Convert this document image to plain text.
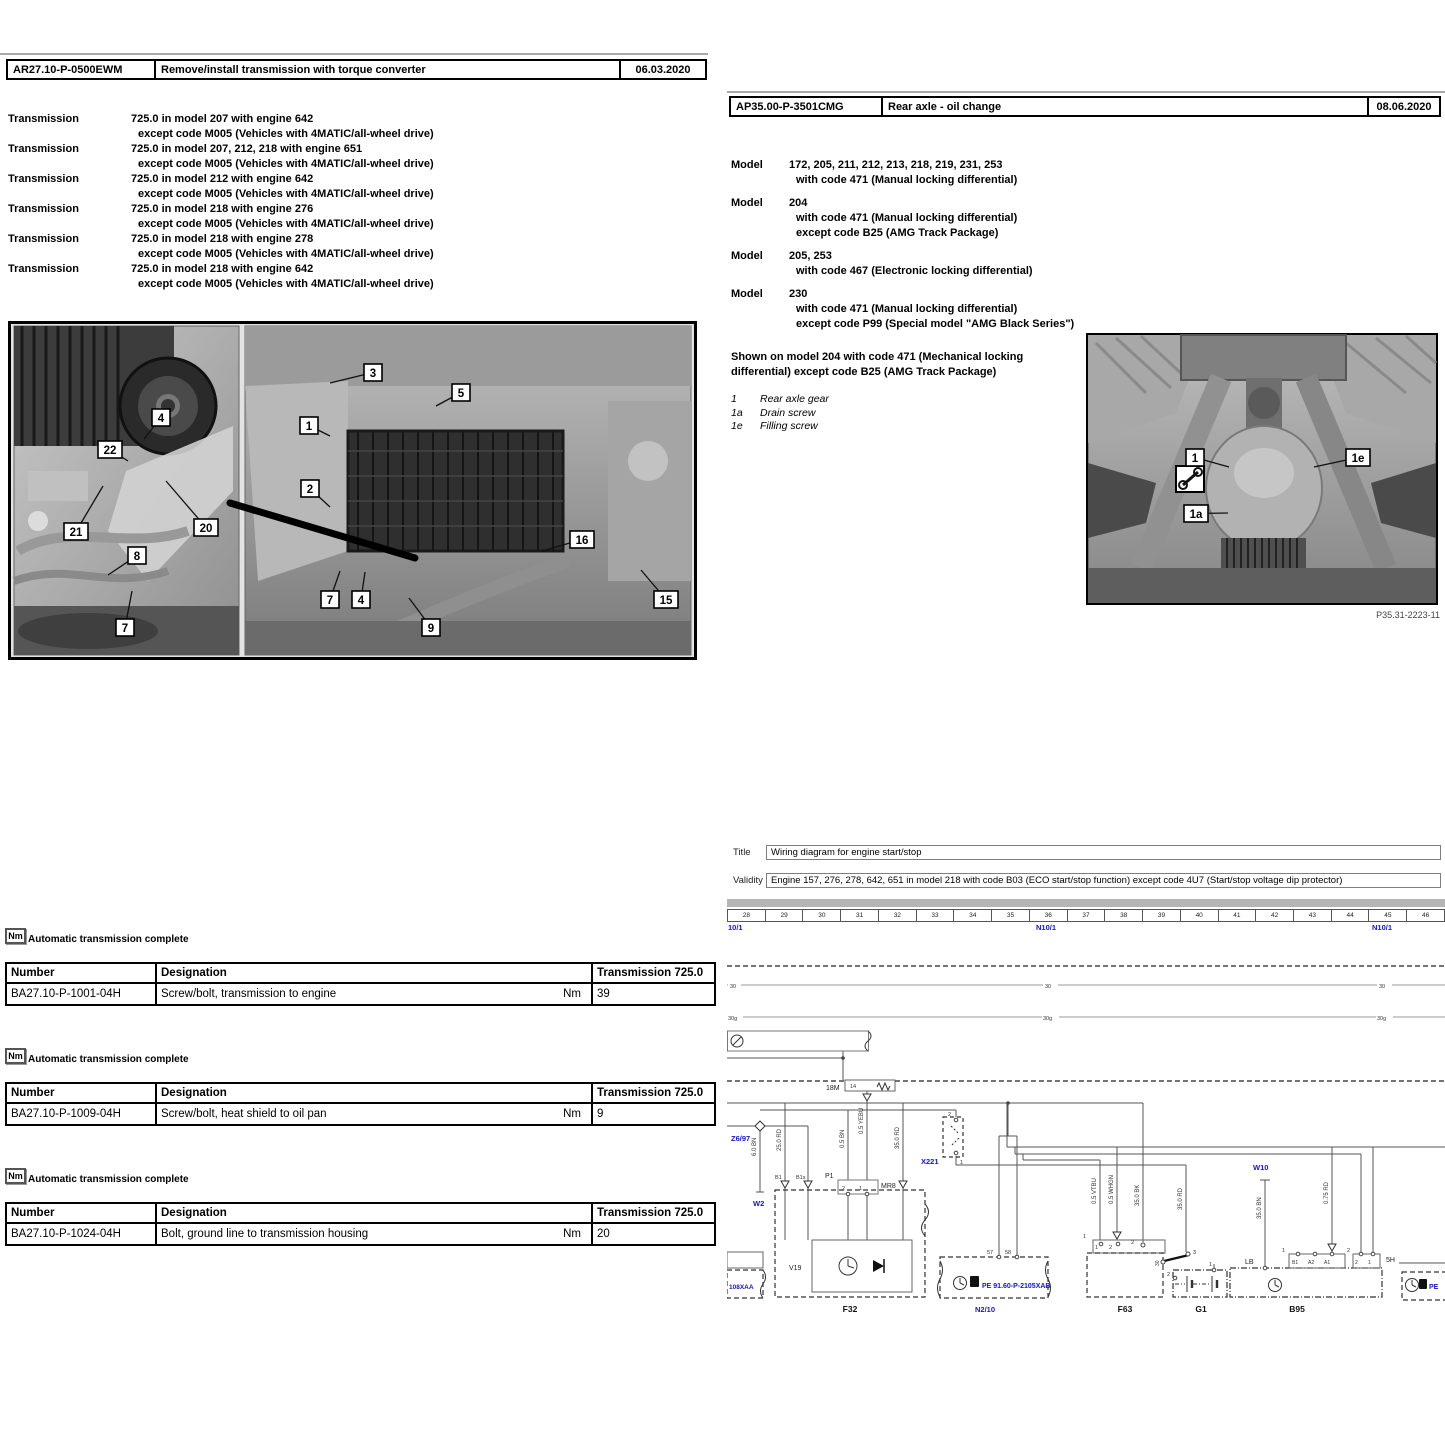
AR27.10-P-0500EWM	Remove/install transmission with torque converter	06.03.2020
Transmission	725.0 in model 207 with engine 642
except code M005 (Vehicles with 4MATIC/all-wheel drive)
Transmission	725.0 in model 207, 212, 218 with engine 651
except code M005 (Vehicles with 4MATIC/all-wheel drive)
Transmission	725.0 in model 212 with engine 642
except code M005 (Vehicles with 4MATIC/all-wheel drive)
Transmission	725.0 in model 218 with engine 276
except code M005 (Vehicles with 4MATIC/all-wheel drive)
Transmission	725.0 in model 218 with engine 278
except code M005 (Vehicles with 4MATIC/all-wheel drive)
Transmission	725.0 in model 218 with engine 642
except code M005 (Vehicles with 4MATIC/all-wheel drive)
4
22
21	20
8
7
3
5
1
2
16
7 4
9
15
AP35.00-P-3501CMG	Rear axle - oil change	08.06.2020
Model	172, 205, 211, 212, 213, 218, 219, 231, 253
with code 471 (Manual locking differential)
Model	204
with code 471 (Manual locking differential)
except code B25 (AMG Track Package)
Model	205, 253
with code 467 (Electronic locking differential)
Model	230
with code 471 (Manual locking differential)
except code P99 (Special model "AMG Black Series")
Shown on model 204 with code 471 (Mechanical locking
differential) except code B25 (AMG Track Package)
1	Rear axle gear
1a	Drain screw
1e	Filling screw
1	1e
1a
P35.31-2223-11
Nm Automatic transmission complete
Number	Designation	Transmission 725.0
BA27.10-P-1001-04H	Screw/bolt, transmission to engine Nm	39
Nm Automatic transmission complete
Number	Designation	Transmission 725.0
BA27.10-P-1009-04H	Screw/bolt, heat shield to oil pan Nm	9
Nm Automatic transmission complete
Number	Designation	Transmission 725.0
BA27.10-P-1024-04H	Bolt, ground line to transmission housing Nm	20
Title	Wiring diagram for engine start/stop
Validity Engine 157, 276, 278, 642, 651 in model 218 with code B03 (ECO start/stop function) except code 4U7 (Start/stop voltage dip protector)
28	29	30	31	32	33	34	35	36	37	38	39	40	41	42	43	44	45	46
10/1	N10/1	N10/1
Z6/97
W2
X221
W10
N2/10
108XAA	PE 91.60-P-2105XAB	PE
18M
P1
MR8
V19
LB	5H
F32	F63	G1	B95
30	30	30
30g	30g	30g
14
B1	B1s
2	1
2
1
57 58
1
1 2
2
3
2
1
1	2
B1 A2 A1	2 1
6.0 BN	25.0 RD	0.5 BN
0.5 YEBU
35.0 RD
0.5 VTBU 0.5 WHGN	35.0 BK	35.0 RD	35.0 BN
0.75 RD
30
